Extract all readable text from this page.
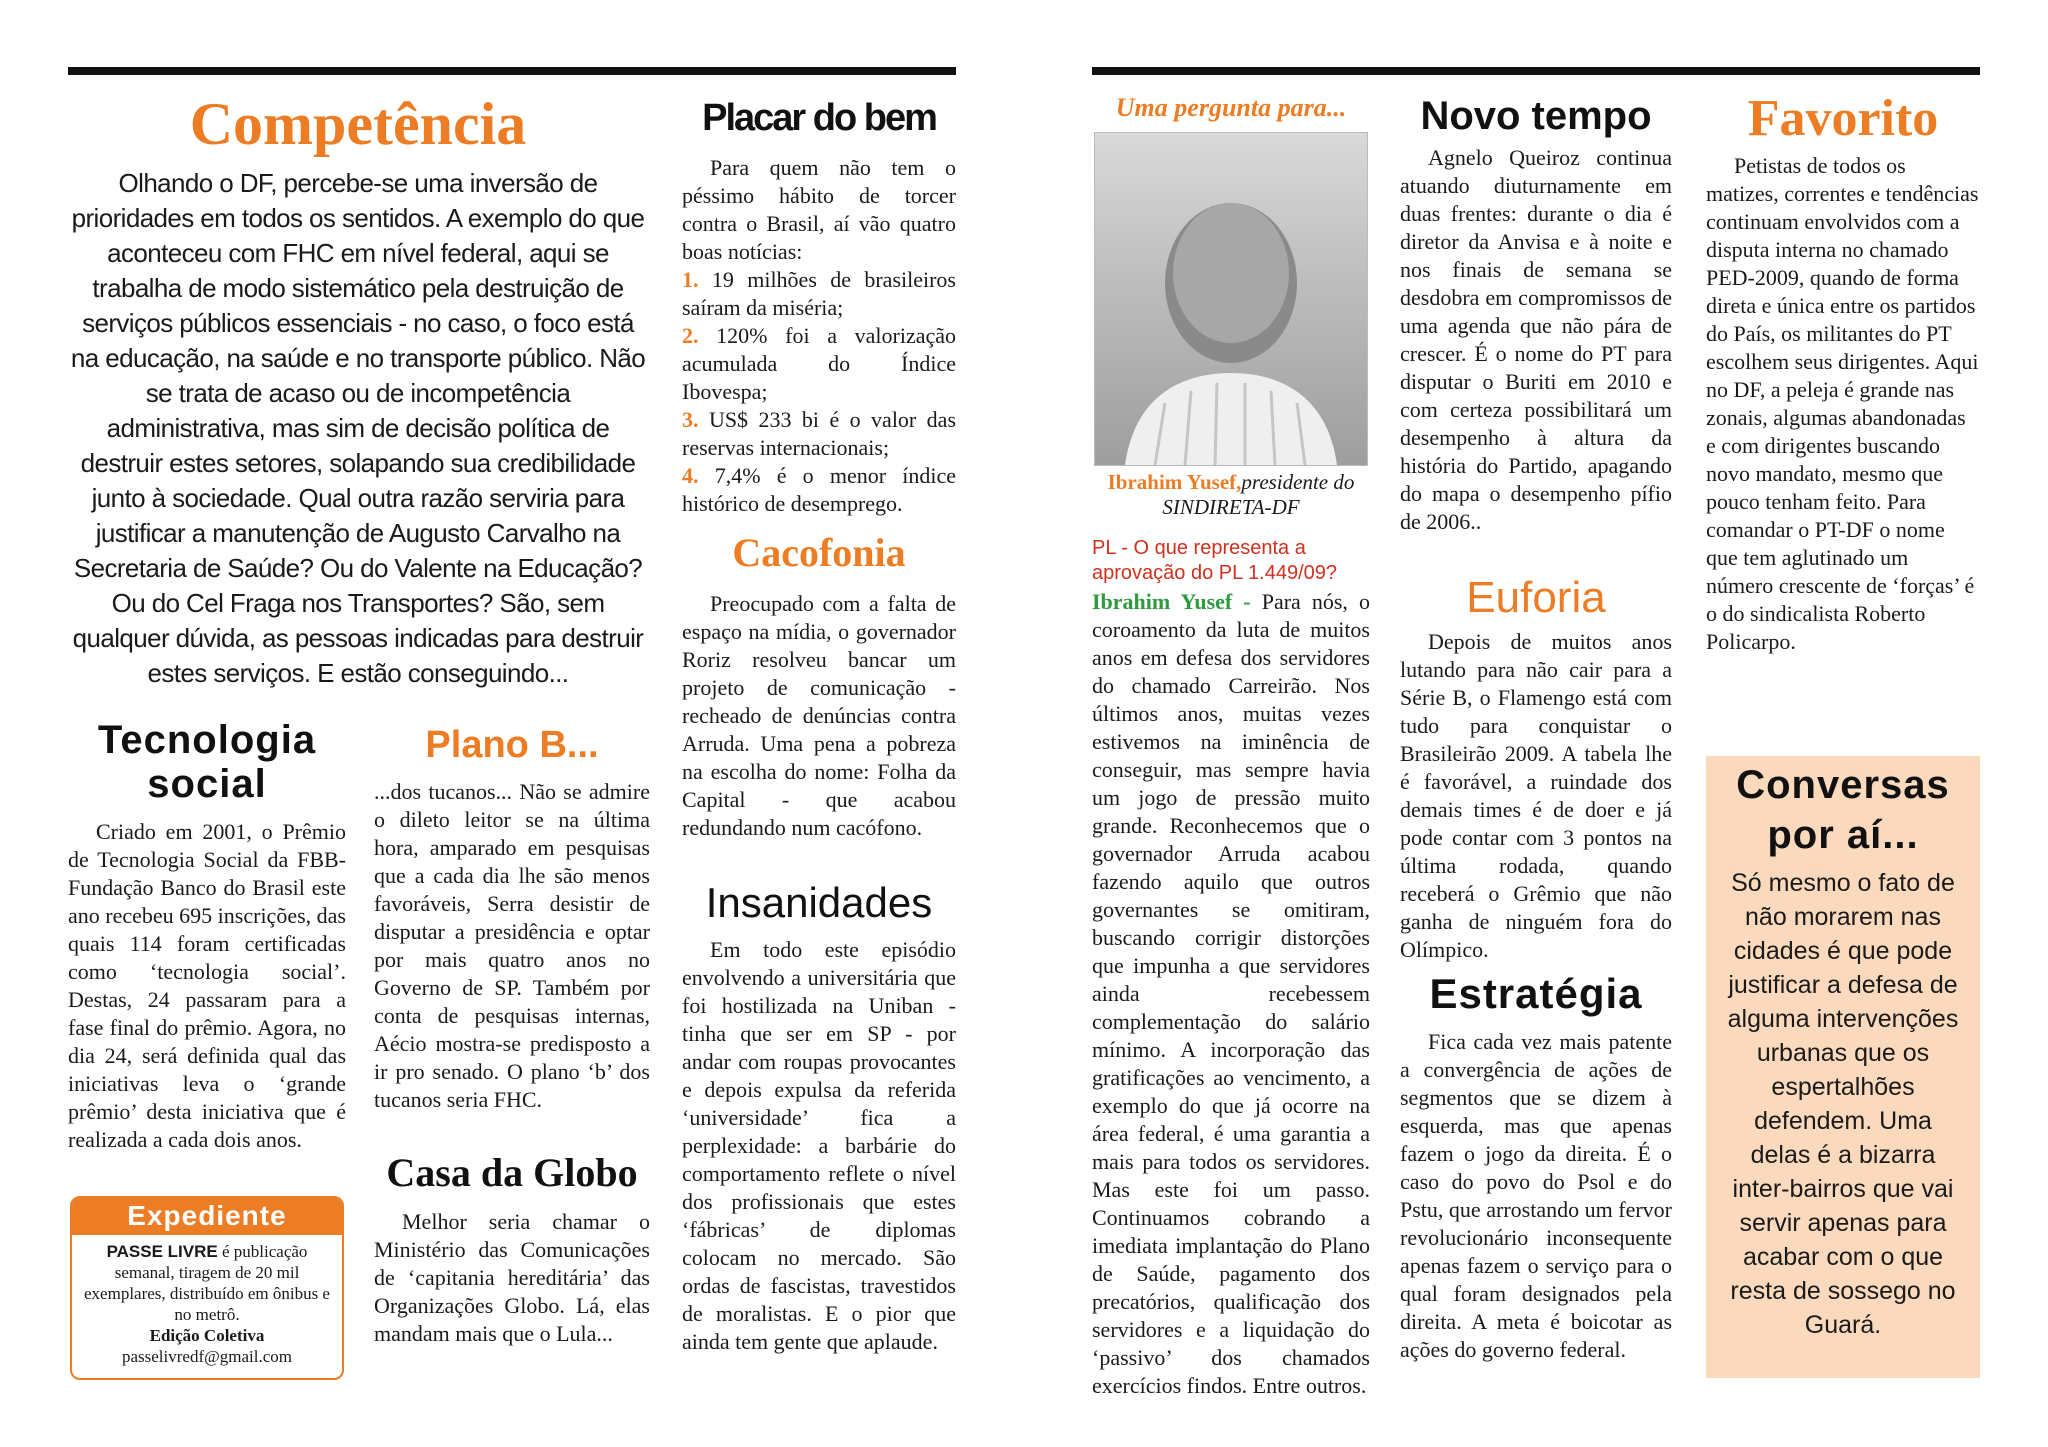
Competência

Olhando o DF, percebe-se uma inversão de prioridades em todos os sentidos. A exemplo do que aconteceu com FHC em nível federal, aqui se trabalha de modo sistemático pela destruição de serviços públicos essenciais - no caso, o foco está na educação, na saúde e no transporte público. Não se trata de acaso ou de incompetência administrativa, mas sim de decisão política de destruir estes setores, solapando sua credibilidade junto à sociedade. Qual outra razão serviria para justificar a manutenção de Augusto Carvalho na Secretaria de Saúde? Ou do Valente na Educação? Ou do Cel Fraga nos Transportes? São, sem qualquer dúvida, as pessoas indicadas para destruir estes serviços. E estão conseguindo...

Tecnologia social

Criado em 2001, o Prêmio de Tecnologia Social da FBB-Fundação Banco do Brasil este ano recebeu 695 inscrições, das quais 114 foram certificadas como ‘tecnologia social’. Destas, 24 passaram para a fase final do prêmio. Agora, no dia 24, será definida qual das iniciativas leva o ‘grande prêmio’ desta iniciativa que é realizada a cada dois anos.

Expediente
PASSE LIVRE é publicação semanal, tiragem de 20 mil exemplares, distribuído em ônibus e no metrô.
Edição Coletiva
passelivredf@gmail.com
Plano B...

...dos tucanos... Não se admire o dileto leitor se na última hora, amparado em pesquisas que a cada dia lhe são menos favoráveis, Serra desistir de disputar a presidência e optar por mais quatro anos no Governo de SP. Também por conta de pesquisas internas, Aécio mostra-se predisposto a ir pro senado. O plano ‘b’ dos tucanos seria FHC.

Casa da Globo

Melhor seria chamar o Ministério das Comunicações de ‘capitania hereditária’ das Organizações Globo. Lá, elas mandam mais que o Lula...

Placar do bem

Para quem não tem o péssimo hábito de torcer contra o Brasil, aí vão quatro boas notícias:

1. 19 milhões de brasileiros saíram da miséria;

2. 120% foi a valorização acumulada do Índice Ibovespa;

3. US$ 233 bi é o valor das reservas internacionais;

4. 7,4% é o menor índice histórico de desemprego.

Cacofonia

Preocupado com a falta de espaço na mídia, o governador Roriz resolveu bancar um projeto de comunicação - recheado de denúncias contra Arruda. Uma pena a pobreza na escolha do nome: Folha da Capital - que acabou redundando num cacófono.

Insanidades

Em todo este episódio envolvendo a universitária que foi hostilizada na Uniban - tinha que ser em SP - por andar com roupas provocantes e depois expulsa da referida ‘universidade’ fica a perplexidade: a barbárie do comportamento reflete o nível dos profissionais que estes ‘fábricas’ de diplomas colocam no mercado. São ordas de fascistas, travestidos de moralistas. E o pior que ainda tem gente que aplaude.

Uma pergunta para...
Ibrahim Yusef,presidente do SINDIRETA-DF

PL - O que representa a aprovação do PL 1.449/09?

Ibrahim Yusef - Para nós, o coroamento da luta de muitos anos em defesa dos servidores do chamado Carreirão. Nos últimos anos, muitas vezes estivemos na iminência de conseguir, mas sempre havia um jogo de pressão muito grande. Reconhecemos que o governador Arruda acabou fazendo aquilo que outros governantes se omitiram, buscando corrigir distorções que impunha a que servidores ainda recebessem complementação do salário mínimo. A incorporação das gratificações ao vencimento, a exemplo do que já ocorre na área federal, é uma garantia a mais para todos os servidores. Mas este foi um passo. Continuamos cobrando a imediata implantação do Plano de Saúde, pagamento dos precatórios, qualificação dos servidores e a liquidação do ‘passivo’ dos chamados exercícios findos. Entre outros.

Novo tempo

Agnelo Queiroz continua atuando diuturnamente em duas frentes: durante o dia é diretor da Anvisa e à noite e nos finais de semana se desdobra em compromissos de uma agenda que não pára de crescer. É o nome do PT para disputar o Buriti em 2010 e com certeza possibilitará um desempenho à altura da história do Partido, apagando do mapa o desempenho pífio de 2006..

Euforia

Depois de muitos anos lutando para não cair para a Série B, o Flamengo está com tudo para conquistar o Brasileirão 2009. A tabela lhe é favorável, a ruindade dos demais times é de doer e já pode contar com 3 pontos na última rodada, quando receberá o Grêmio que não ganha de ninguém fora do Olímpico.

Estratégia

Fica cada vez mais patente a convergência de ações de segmentos que se dizem à esquerda, mas que apenas fazem o jogo da direita. É o caso do povo do Psol e do Pstu, que arrostando um fervor revolucionário inconsequente apenas fazem o serviço para o qual foram designados pela direita. A meta é boicotar as ações do governo federal.

Favorito

Petistas de todos os matizes, correntes e tendências continuam envolvidos com a disputa interna no chamado PED-2009, quando de forma direta e única entre os partidos do País, os militantes do PT escolhem seus dirigentes. Aqui no DF, a peleja é grande nas zonais, algumas abandonadas e com dirigentes buscando novo mandato, mesmo que pouco tenham feito. Para comandar o PT-DF o nome que tem aglutinado um número crescente de ‘forças’ é o do sindicalista Roberto Policarpo.

Conversas por aí...

Só mesmo o fato de não morarem nas cidades é que pode justificar a defesa de alguma intervenções urbanas que os espertalhões defendem. Uma delas é a bizarra inter-bairros que vai servir apenas para acabar com o que resta de sossego no Guará.
